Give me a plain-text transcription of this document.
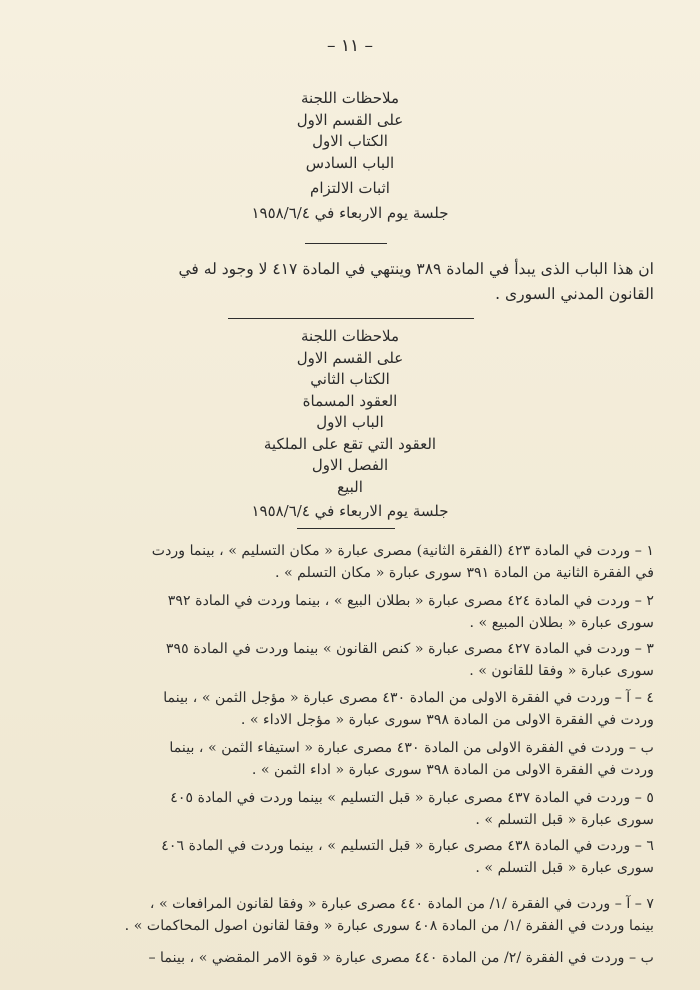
– ١١ –
ملاحظات اللجنة
على القسم الاول
الكتاب الاول
الباب السادس
اثبات الالتزام
جلسة يوم الاربعاء في ١٩٥٨/٦/٤
ان هذا الباب الذى يبدأ في المادة ٣٨٩ وينتهي في المادة ٤١٧ لا وجود له في
القانون المدني السورى .
ملاحظات اللجنة
على القسم الاول
الكتاب الثاني
العقود المسماة
الباب الاول
العقود التي تقع على الملكية
الفصل الاول
البيع
جلسة يوم الاربعاء في ١٩٥٨/٦/٤
١ – وردت في المادة ٤٢٣ (الفقرة الثانية) مصرى عبارة « مكان التسليم » ، بينما وردت
في الفقرة الثانية من المادة ٣٩١ سورى عبارة « مكان التسلم » .
٢ – وردت في المادة ٤٢٤ مصرى عبارة « بطلان البيع » ، بينما وردت في المادة ٣٩٢
سورى عبارة « بطلان المبيع » .
٣ – وردت في المادة ٤٢٧ مصرى عبارة « كنص القانون » بينما وردت في المادة ٣٩٥
سورى عبارة « وفقا للقانون » .
٤ – آ – وردت في الفقرة الاولى من المادة ٤٣٠ مصرى عبارة « مؤجل الثمن » ، بينما
وردت في الفقرة الاولى من المادة ٣٩٨ سورى عبارة « مؤجل الاداء » .
ب – وردت في الفقرة الاولى من المادة ٤٣٠ مصرى عبارة « استيفاء الثمن » ، بينما
وردت في الفقرة الاولى من المادة ٣٩٨ سورى عبارة « اداء الثمن » .
٥ – وردت في المادة ٤٣٧ مصرى عبارة « قبل التسليم » بينما وردت في المادة ٤٠٥
سورى عبارة « قبل التسلم » .
٦ – وردت في المادة ٤٣٨ مصرى عبارة « قبل التسليم » ، بينما وردت في المادة ٤٠٦
سورى عبارة « قبل التسلم » .
٧ – آ – وردت في الفقرة /١/ من المادة ٤٤٠ مصرى عبارة « وفقا لقانون المرافعات » ،
بينما وردت في الفقرة /١/ من المادة ٤٠٨ سورى عبارة « وفقا لقانون اصول المحاكمات » .
ب – وردت في الفقرة /٢/ من المادة ٤٤٠ مصرى عبارة « قوة الامر المقضي » ، بينما –
